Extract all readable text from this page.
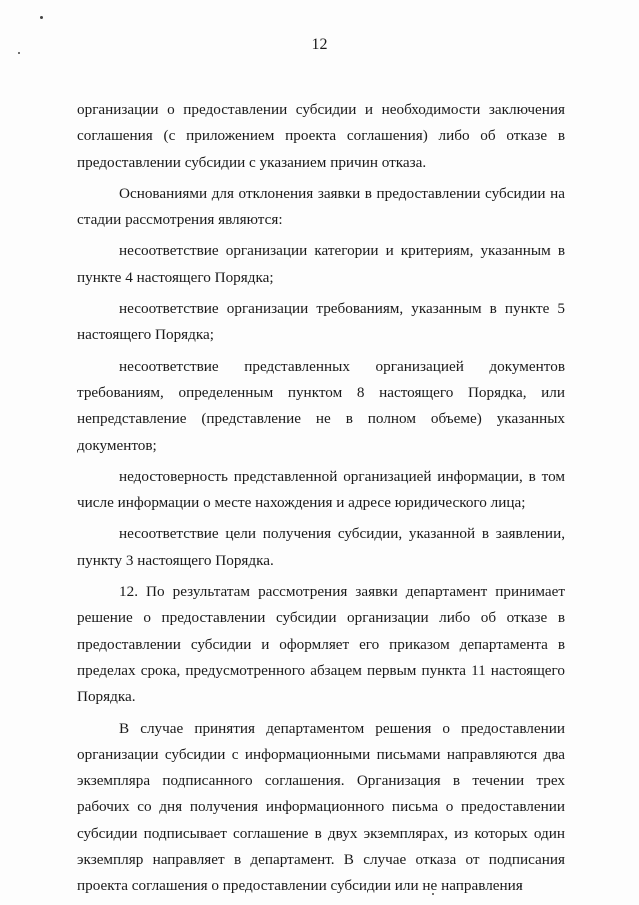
12

организации о предоставлении субсидии и необходимости заключения соглашения (с приложением проекта соглашения) либо об отказе в предоставлении субсидии с указанием причин отказа.

Основаниями для отклонения заявки в предоставлении субсидии на стадии рассмотрения являются:

несоответствие организации категории и критериям, указанным в пункте 4 настоящего Порядка;

несоответствие организации требованиям, указанным в пункте 5 настоящего Порядка;

несоответствие представленных организацией документов требованиям, определенным пунктом 8 настоящего Порядка, или непредставление (представление не в полном объеме) указанных документов;

недостоверность представленной организацией информации, в том числе информации о месте нахождения и адресе юридического лица;

несоответствие цели получения субсидии, указанной в заявлении, пункту 3 настоящего Порядка.

12. По результатам рассмотрения заявки департамент принимает решение о предоставлении субсидии организации либо об отказе в предоставлении субсидии и оформляет его приказом департамента в пределах срока, предусмотренного абзацем первым пункта 11 настоящего Порядка.

В случае принятия департаментом решения о предоставлении организации субсидии с информационными письмами направляются два экземпляра подписанного соглашения. Организация в течении трех рабочих со дня получения информационного письма о предоставлении субсидии подписывает соглашение в двух экземплярах, из которых один экземпляр направляет в департамент. В случае отказа от подписания проекта соглашения о предоставлении субсидии или не направления
